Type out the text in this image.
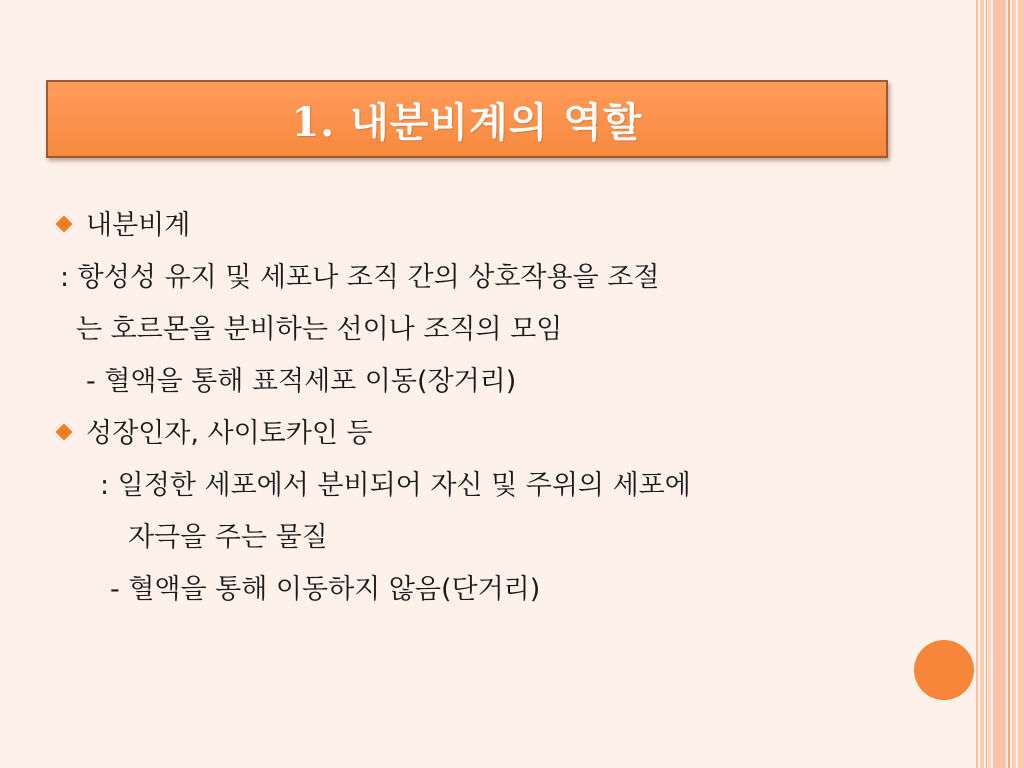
1. 내분비계의 역할
내분비계
: 항성성 유지 및 세포나 조직 간의 상호작용을 조절
는 호르몬을 분비하는 선이나 조직의 모임
- 혈액을 통해 표적세포 이동(장거리)
성장인자, 사이토카인 등
: 일정한 세포에서 분비되어 자신 및 주위의 세포에
자극을 주는 물질
- 혈액을 통해 이동하지 않음(단거리)
